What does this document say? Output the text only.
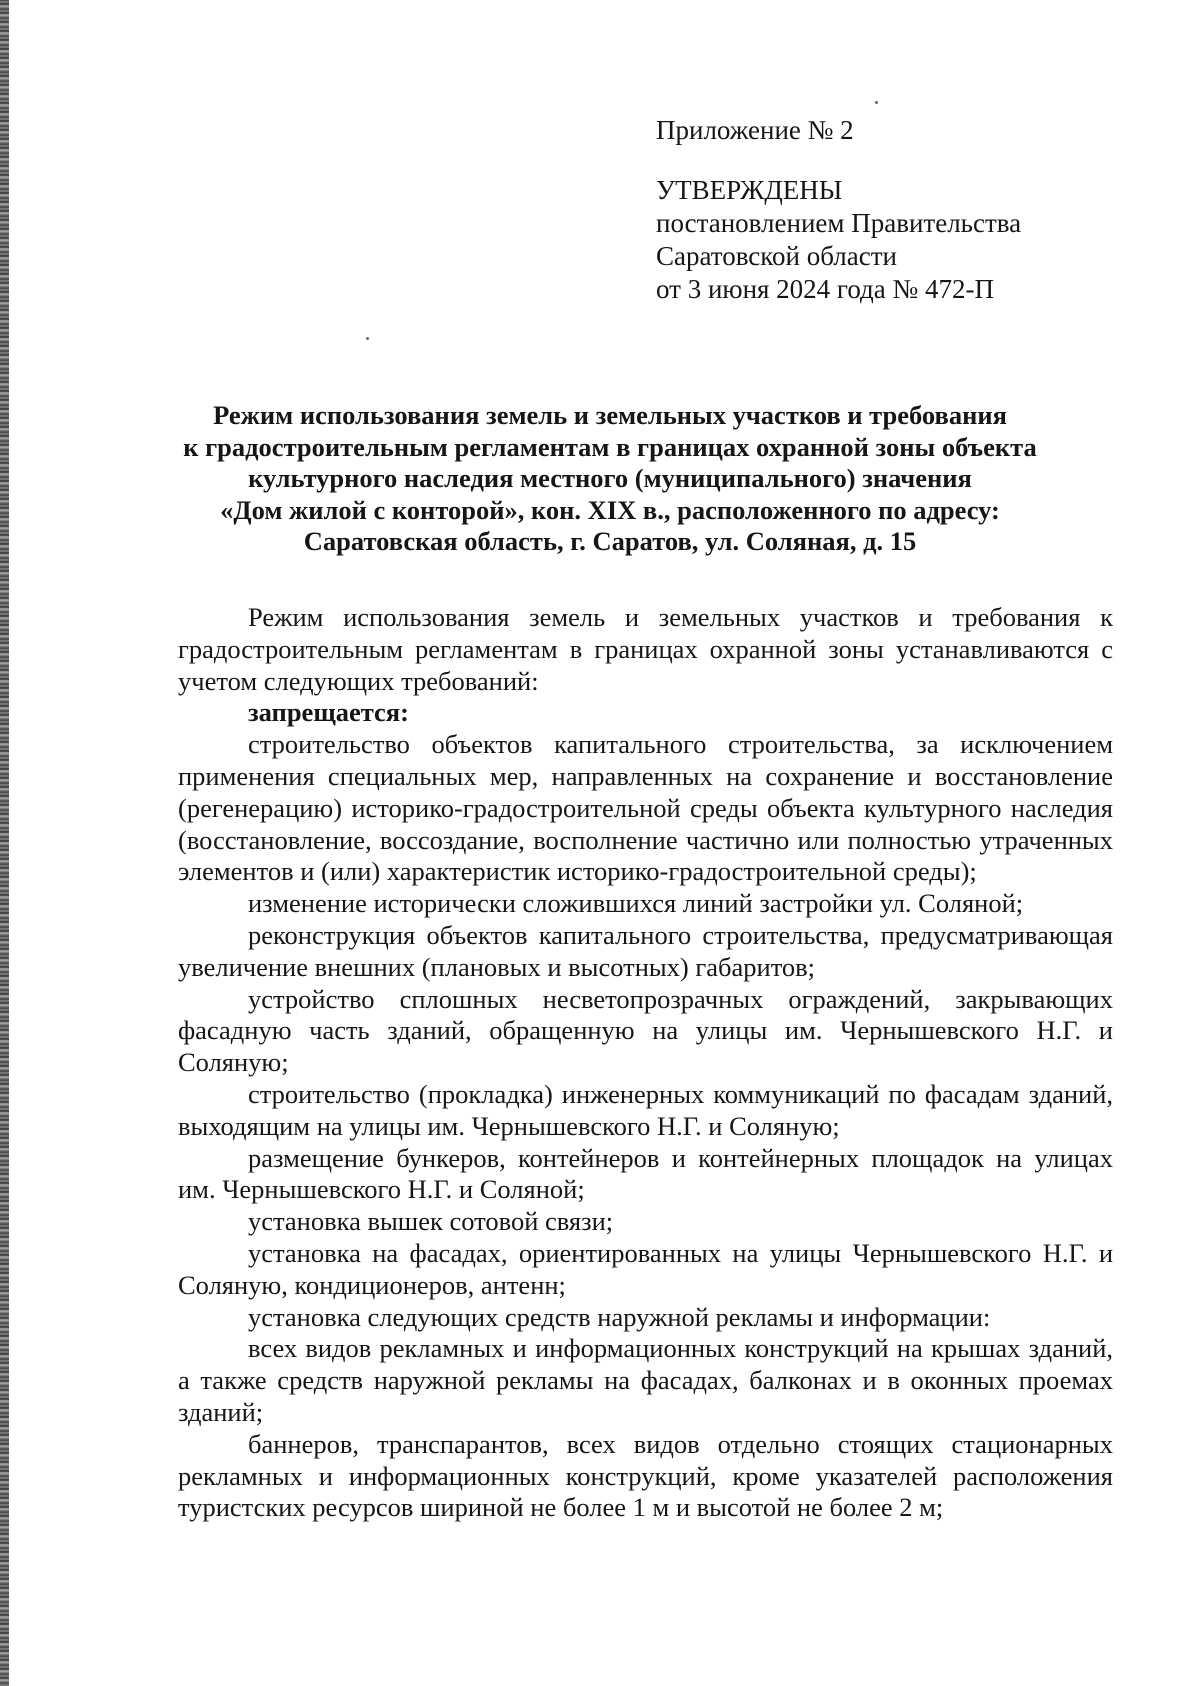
Приложение № 2
УТВЕРЖДЕНЫ
постановлением Правительства
Саратовской области
от 3 июня 2024 года № 472-П
Режим использования земель и земельных участков и требования
к градостроительным регламентам в границах охранной зоны объекта
культурного наследия местного (муниципального) значения
«Дом жилой с конторой», кон. XIX в., расположенного по адресу:
Саратовская область, г. Саратов, ул. Соляная, д. 15

Режим использования земель и земельных участков и требования к градостроительным регламентам в границах охранной зоны устанавливаются с учетом следующих требований:

запрещается:

строительство объектов капитального строительства, за исключением применения специальных мер, направленных на сохранение и восстановление (регенерацию) историко-градостроительной среды объекта культурного наследия (восстановление, воссоздание, восполнение частично или полностью утраченных элементов и (или) характеристик историко-градостроительной среды);

изменение исторически сложившихся линий застройки ул. Соляной;

реконструкция объектов капитального строительства, предусматривающая увеличение внешних (плановых и высотных) габаритов;

устройство сплошных несветопрозрачных ограждений, закрывающих фасадную часть зданий, обращенную на улицы им. Чернышевского Н.Г. и Соляную;

строительство (прокладка) инженерных коммуникаций по фасадам зданий, выходящим на улицы им. Чернышевского Н.Г. и Соляную;

размещение бункеров, контейнеров и контейнерных площадок на улицах им. Чернышевского Н.Г. и Соляной;

установка вышек сотовой связи;

установка на фасадах, ориентированных на улицы Чернышевского Н.Г. и Соляную, кондиционеров, антенн;

установка следующих средств наружной рекламы и информации:

всех видов рекламных и информационных конструкций на крышах зданий, а также средств наружной рекламы на фасадах, балконах и в оконных проемах зданий;

баннеров, транспарантов, всех видов отдельно стоящих стационарных рекламных и информационных конструкций, кроме указателей расположения туристских ресурсов шириной не более 1 м и высотой не более 2 м;
